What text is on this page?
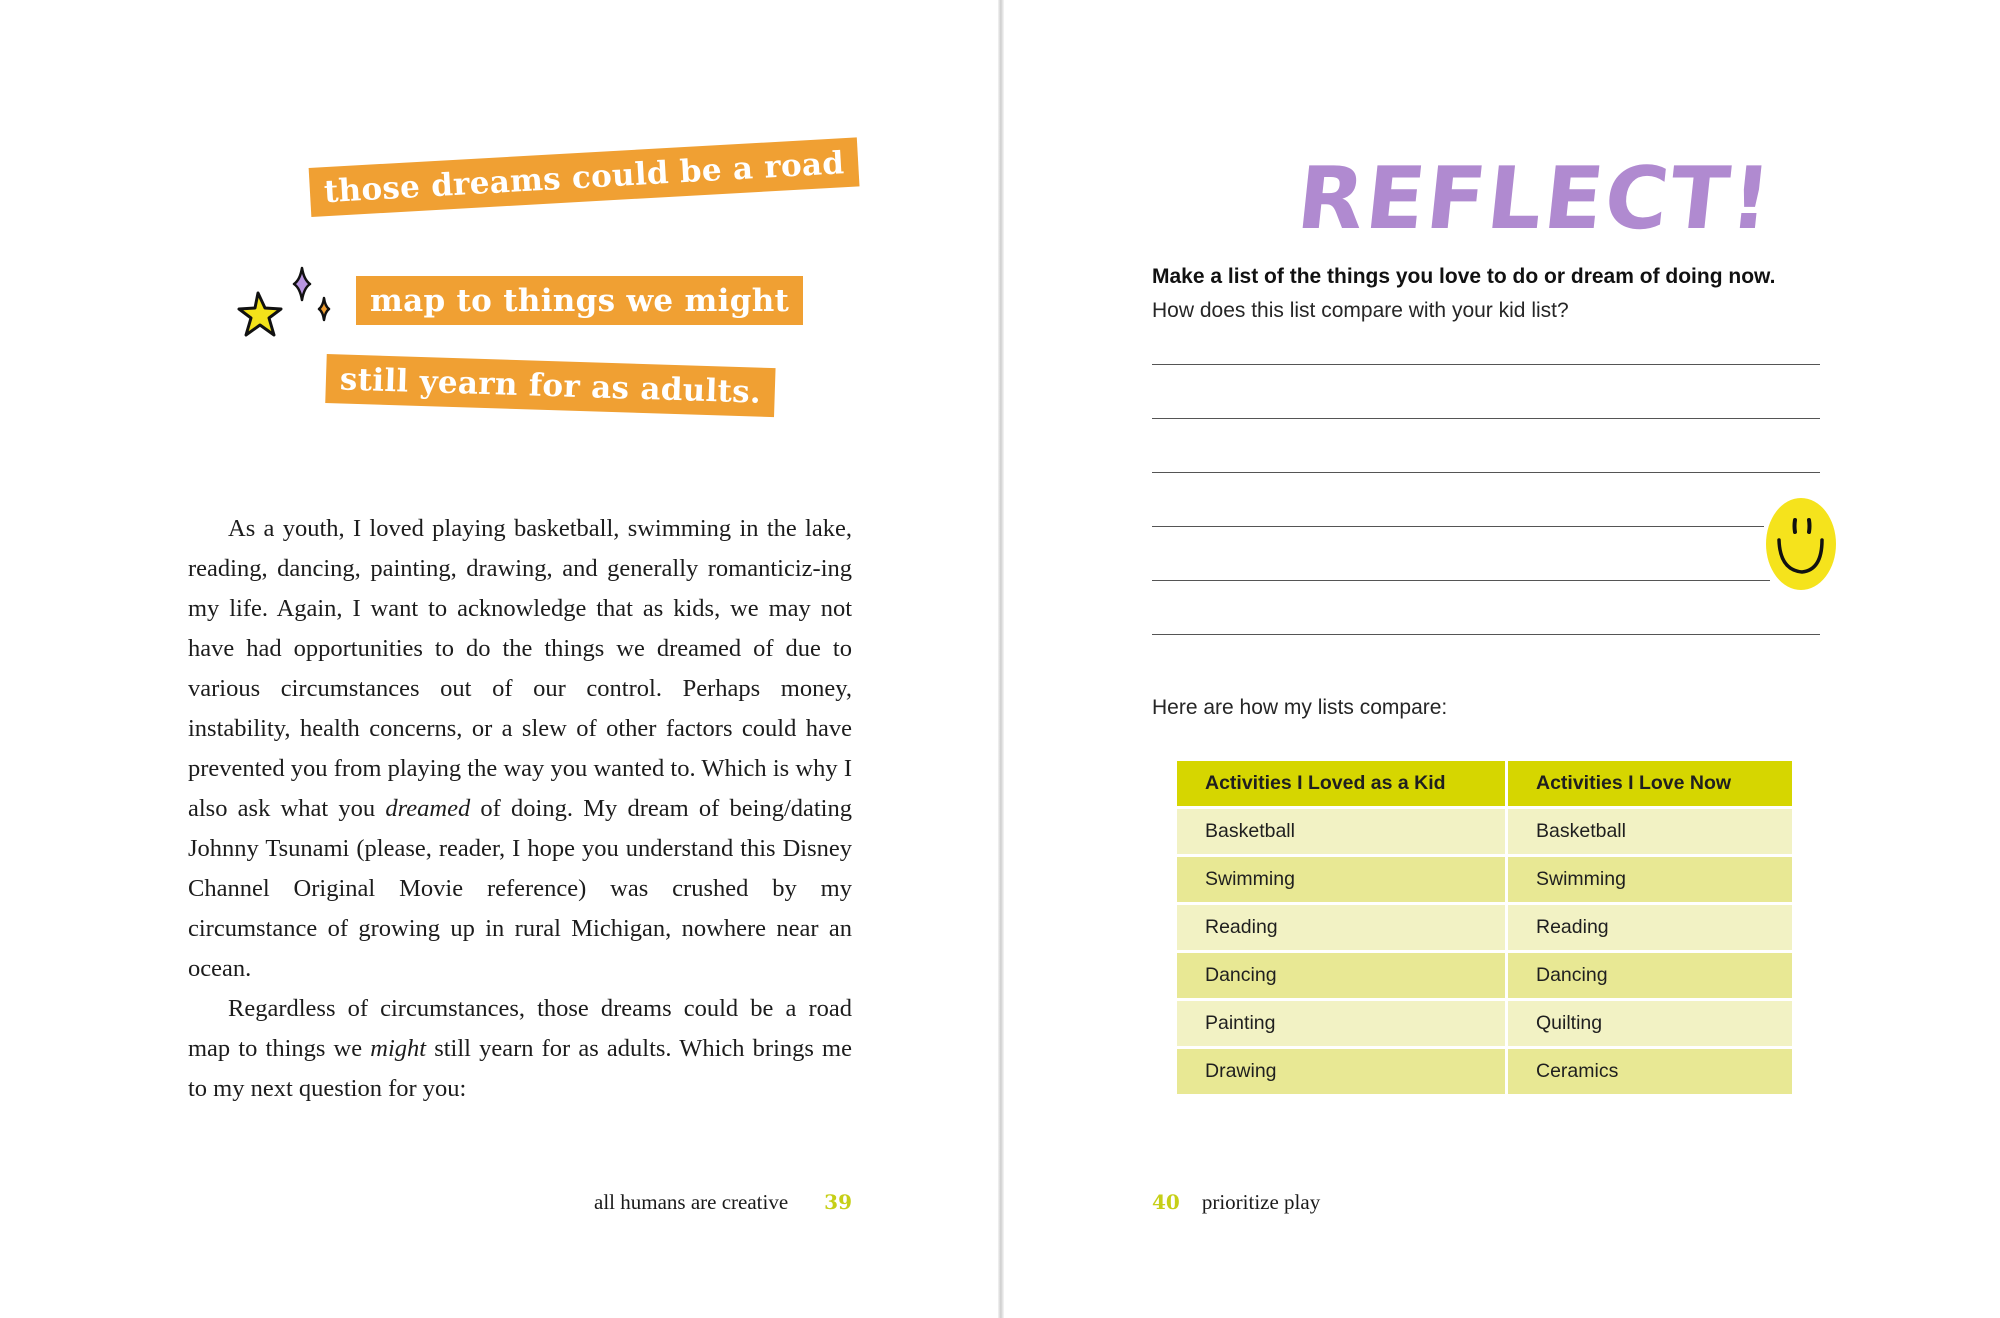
those dreams could be a road
map to things we might
still yearn for as adults.

As a youth, I loved playing basketball, swimming in the lake, reading, dancing, painting, drawing, and generally romanticiz-ing my life. Again, I want to acknowledge that as kids, we may not have had opportunities to do the things we dreamed of due to various circumstances out of our control. Perhaps money, instability, health concerns, or a slew of other factors could have prevented you from playing the way you wanted to. Which is why I also ask what you dreamed of doing. My dream of being/dating Johnny Tsunami (please, reader, I hope you understand this Disney Channel Original Movie reference) was crushed by my circumstance of growing up in rural Michigan, nowhere near an ocean.

Regardless of circumstances, those dreams could be a road map to things we might still yearn for as adults. Which brings me to my next question for you:

all humans are creative 39
REFLECT!
Make a list of the things you love to do or dream of doing now. How does this list compare with your kid list?
Here are how my lists compare:
Activities I Loved as a Kid	Activities I Love Now
Basketball	Basketball
Swimming	Swimming
Reading	Reading
Dancing	Dancing
Painting	Quilting
Drawing	Ceramics
40 prioritize play
